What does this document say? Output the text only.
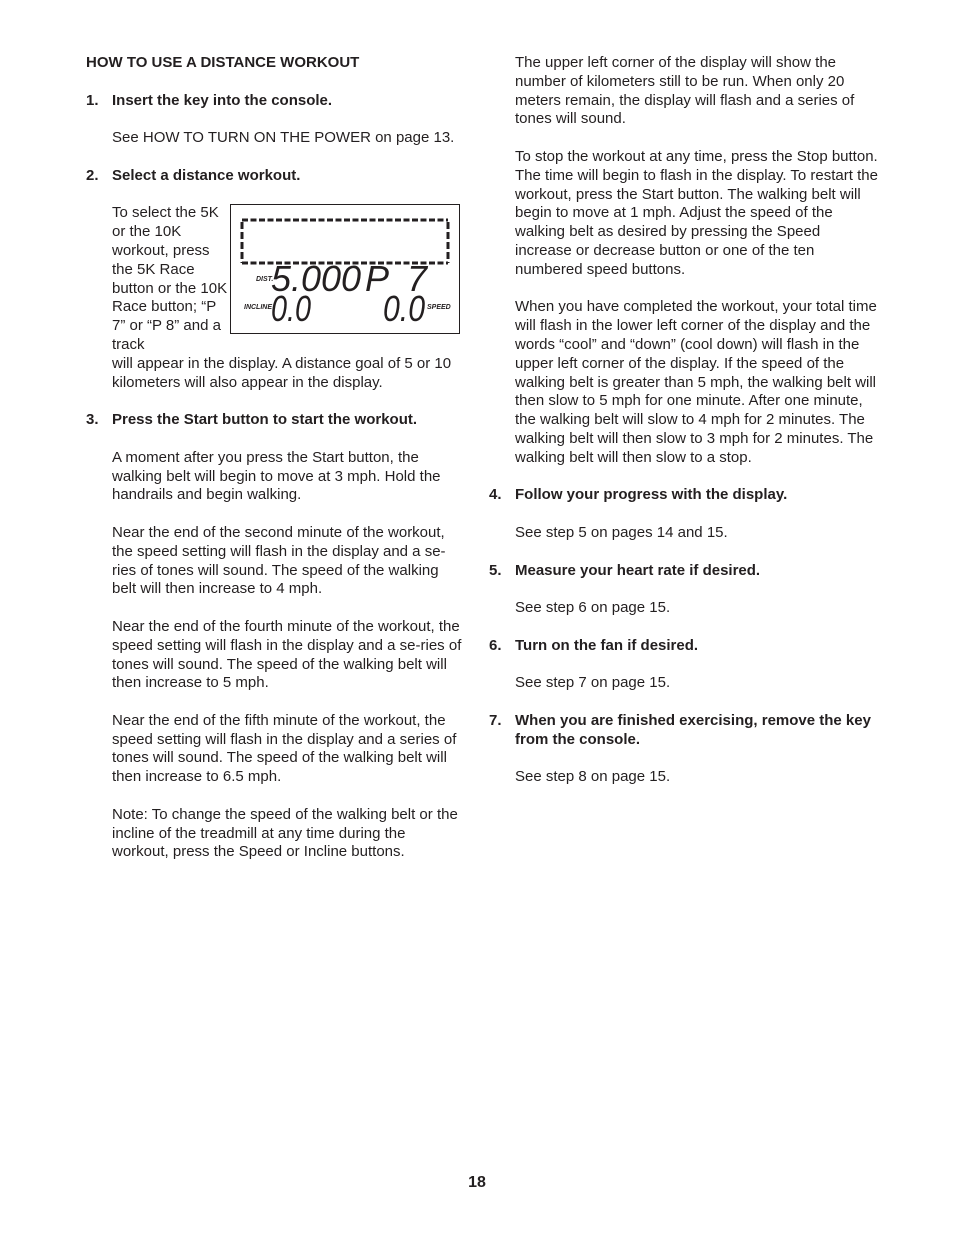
HOW TO USE A DISTANCE WORKOUT

1. Insert the key into the console.

See HOW TO TURN ON THE POWER on page 13.

2. Select a distance workout.

To select the 5K or the 10K workout, press the 5K Race button or the 10K Race button; “P 7” or “P 8” and a track

DIST.
5.000 P 7
INCLINE 0.0 0.0 SPEED

will appear in the display. A distance goal of 5 or 10 kilometers will also appear in the display.

3. Press the Start button to start the workout.

A moment after you press the Start button, the walking belt will begin to move at 3 mph. Hold the handrails and begin walking.

Near the end of the second minute of the workout, the speed setting will flash in the display and a se-ries of tones will sound. The speed of the walking belt will then increase to 4 mph.

Near the end of the fourth minute of the workout, the speed setting will flash in the display and a se-ries of tones will sound. The speed of the walking belt will then increase to 5 mph.

Near the end of the fifth minute of the workout, the speed setting will flash in the display and a series of tones will sound. The speed of the walking belt will then increase to 6.5 mph.

Note: To change the speed of the walking belt or the incline of the treadmill at any time during the workout, press the Speed or Incline buttons.

The upper left corner of the display will show the number of kilometers still to be run. When only 20 meters remain, the display will flash and a series of tones will sound.

To stop the workout at any time, press the Stop button. The time will begin to flash in the display. To restart the workout, press the Start button. The walking belt will begin to move at 1 mph. Adjust the speed of the walking belt as desired by pressing the Speed increase or decrease button or one of the ten numbered speed buttons.

When you have completed the workout, your total time will flash in the lower left corner of the display and the words “cool” and “down” (cool down) will flash in the upper left corner of the display. If the speed of the walking belt is greater than 5 mph, the walking belt will then slow to 5 mph for one minute. After one minute, the walking belt will slow to 4 mph for 2 minutes. The walking belt will then slow to 3 mph for 2 minutes. The walking belt will then slow to a stop.

4. Follow your progress with the display.

See step 5 on pages 14 and 15.

5. Measure your heart rate if desired.

See step 6 on page 15.

6. Turn on the fan if desired.

See step 7 on page 15.

7. When you are finished exercising, remove the key from the console.

See step 8 on page 15.

18
